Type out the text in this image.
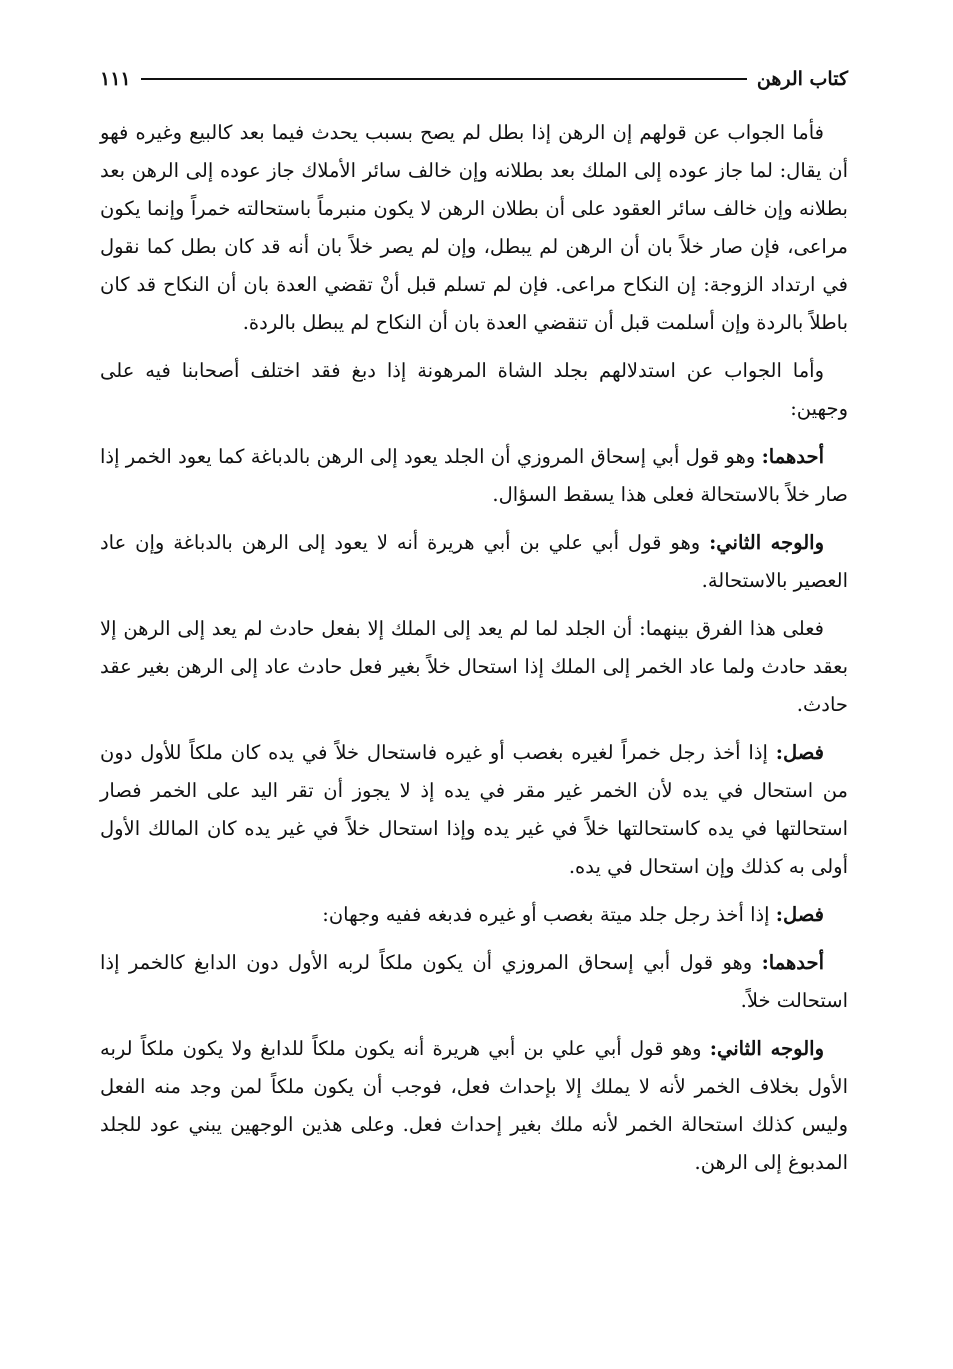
كتاب الرهن
١١١

فأما الجواب عن قولهم إن الرهن إذا بطل لم يصح بسبب يحدث فيما بعد كالبيع وغيره فهو أن يقال: لما جاز عوده إلى الملك بعد بطلانه وإن خالف سائر الأملاك جاز عوده إلى الرهن بعد بطلانه وإن خالف سائر العقود على أن بطلان الرهن لا يكون منبرماً باستحالته خمراً وإنما يكون مراعى، فإن صار خلاً بان أن الرهن لم يبطل، وإن لم يصر خلاً بان أنه قد كان بطل كما نقول في ارتداد الزوجة: إن النكاح مراعى. فإن لم تسلم قبل أنْ تقضي العدة بان أن النكاح قد كان باطلاً بالردة وإن أسلمت قبل أن تنقضي العدة بان أن النكاح لم يبطل بالردة.

وأما الجواب عن استدلالهم بجلد الشاة المرهونة إذا دبغ فقد اختلف أصحابنا فيه على وجهين:

أحدهما: وهو قول أبي إسحاق المروزي أن الجلد يعود إلى الرهن بالدباغة كما يعود الخمر إذا صار خلاً بالاستحالة فعلى هذا يسقط السؤال.

والوجه الثاني: وهو قول أبي علي بن أبي هريرة أنه لا يعود إلى الرهن بالدباغة وإن عاد العصير بالاستحالة.

فعلى هذا الفرق بينهما: أن الجلد لما لم يعد إلى الملك إلا بفعل حادث لم يعد إلى الرهن إلا بعقد حادث ولما عاد الخمر إلى الملك إذا استحال خلاً بغير فعل حادث عاد إلى الرهن بغير عقد حادث.

فصل: إذا أخذ رجل خمراً لغيره بغصب أو غيره فاستحال خلاً في يده كان ملكاً للأول دون من استحال في يده لأن الخمر غير مقر في يده إذ لا يجوز أن تقر اليد على الخمر فصار استحالتها في يده كاستحالتها خلاً في غير يده وإذا استحال خلاً في غير يده كان المالك الأول أولى به كذلك وإن استحال في يده.

فصل: إذا أخذ رجل جلد ميتة بغصب أو غيره فدبغه ففيه وجهان:

أحدهما: وهو قول أبي إسحاق المروزي أن يكون ملكاً لربه الأول دون الدابغ كالخمر إذا استحالت خلاً.

والوجه الثاني: وهو قول أبي علي بن أبي هريرة أنه يكون ملكاً للدابغ ولا يكون ملكاً لربه الأول بخلاف الخمر لأنه لا يملك إلا بإحداث فعل، فوجب أن يكون ملكاً لمن وجد منه الفعل وليس كذلك استحالة الخمر لأنه ملك بغير إحداث فعل. وعلى هذين الوجهين يبني عود للجلد المدبوغ إلى الرهن.
